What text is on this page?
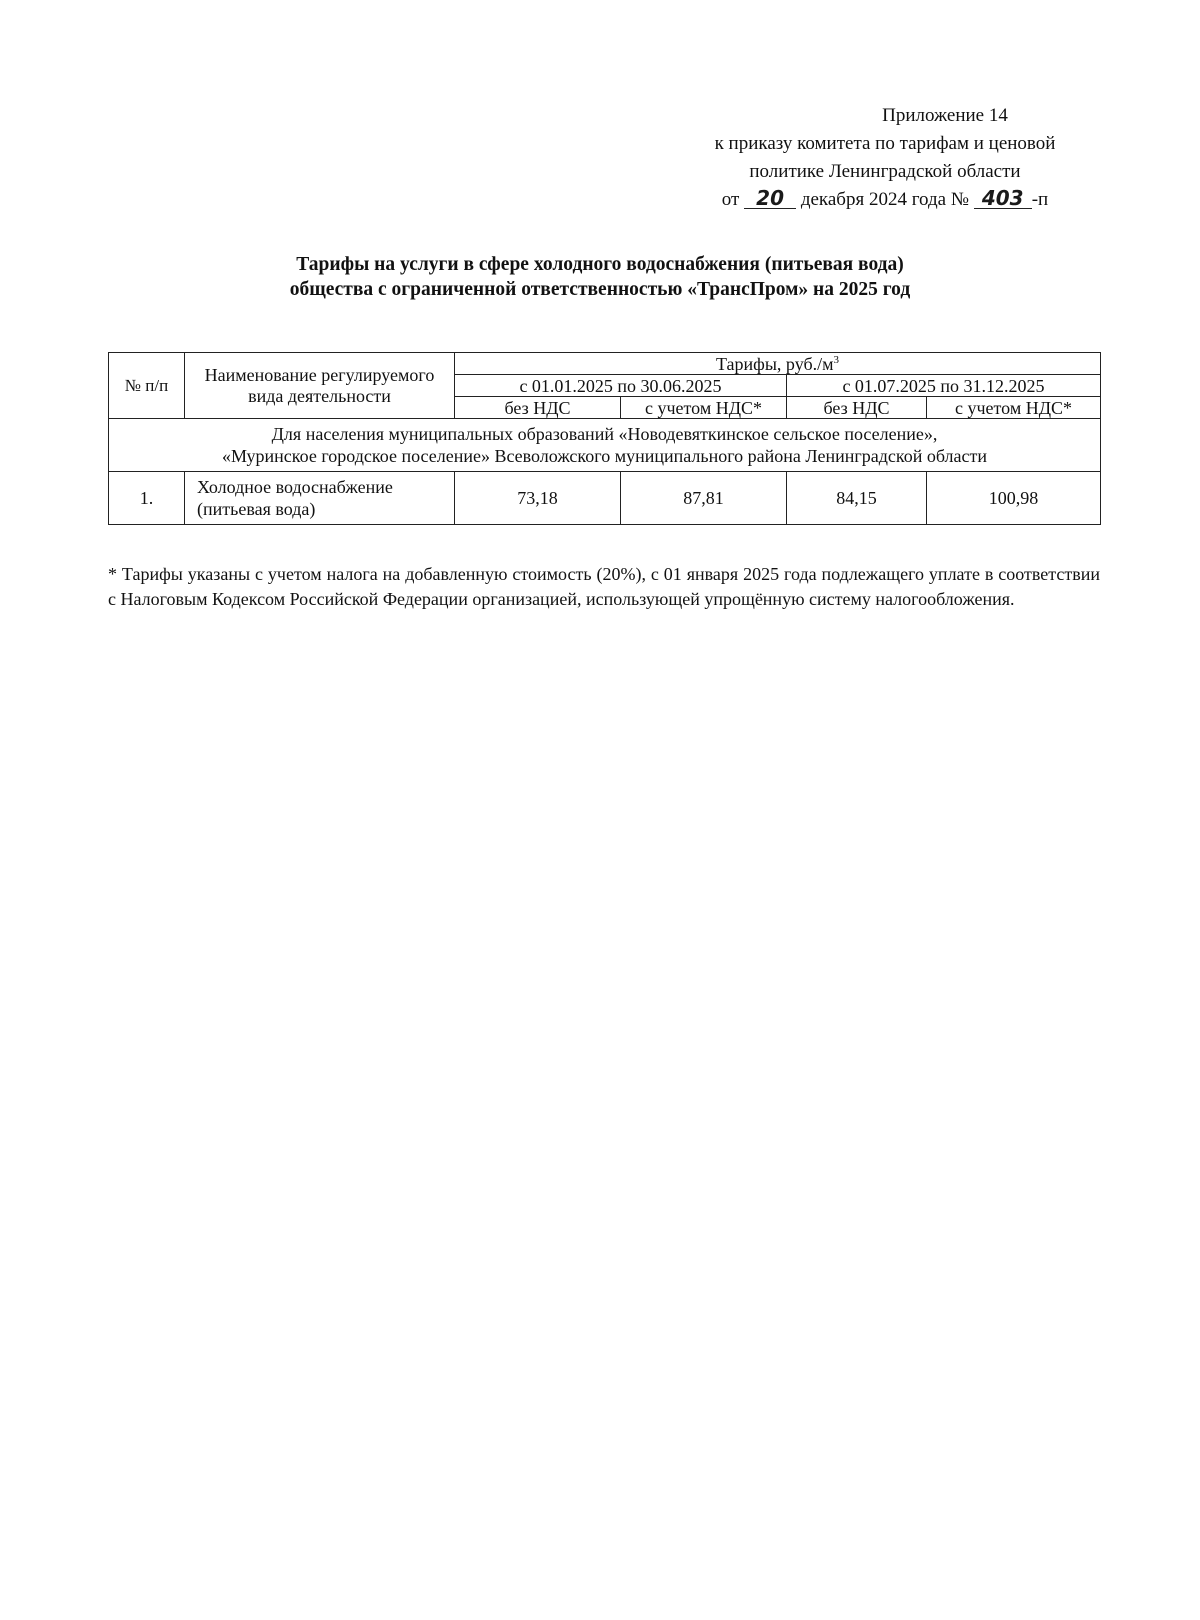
Приложение 14
к приказу комитета по тарифам и ценовой
политике Ленинградской области
от 20 декабря 2024 года № 403 -п
Тарифы на услуги в сфере холодного водоснабжения (питьевая вода)
общества с ограниченной ответственностью «ТрансПром» на 2025 год
№ п/п	Наименование регулируемого вида деятельности	Тарифы, $руб./м^3$
		с 01.01.2025 по 30.06.2025		с 01.07.2025 по 31.12.2025	
		без НДС	с учетом НДС*	без НДС	с учетом НДС*

Для населения муниципальных образований «Новодевяткинское сельское поселение»,
«Муринское городское поселение» Всеволожского муниципального района Ленинградской области					

1.	Холодное водоснабжение (питьевая вода)	73,18	87,81	84,15	100,98
* Тарифы указаны с учетом налога на добавленную стоимость (20%), с 01 января 2025 года подлежащего уплате в соответствии с Налоговым Кодексом Российской Федерации организацией, использующей упрощённую систему налогообложения.
